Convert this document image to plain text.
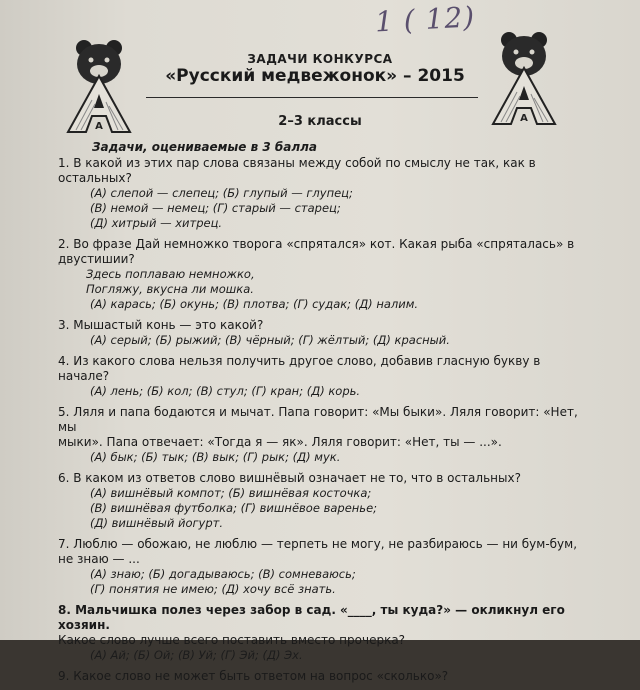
1 ( 12)
А
А
ЗАДАЧИ КОНКУРСА
«Русский медвежонок» – 2015
2–3 классы
Задачи, оцениваемые в 3 балла

1. В какой из этих пар слова связаны между собой по смыслу не так, как в остальных?

(А) слепой — слепец; (Б) глупый — глупец;
(В) немой — немец; (Г) старый — старец;
(Д) хитрый — хитрец.

2. Во фразе Дай немножко творога «спрятался» кот. Какая рыба «спряталась» в

двустишии?

Здесь поплаваю немножко,
Погляжу, вкусна ли мошка.
(А) карась; (Б) окунь; (В) плотва; (Г) судак; (Д) налим.

3. Мышастый конь — это какой?

(А) серый; (Б) рыжий; (В) чёрный; (Г) жёлтый; (Д) красный.

4. Из какого слова нельзя получить другое слово, добавив гласную букву в начале?

(А) лень; (Б) кол; (В) стул; (Г) кран; (Д) корь.

5. Ляля и папа бодаются и мычат. Папа говорит: «Мы быки». Ляля говорит: «Нет, мы

мыки». Папа отвечает: «Тогда я — як». Ляля говорит: «Нет, ты — ...».

(А) бык; (Б) тык; (В) вык; (Г) рык; (Д) мук.

6. В каком из ответов слово вишнёвый означает не то, что в остальных?

(А) вишнёвый компот; (Б) вишнёвая косточка;
(В) вишнёвая футболка; (Г) вишнёвое варенье;
(Д) вишнёвый йогурт.

7. Люблю — обожаю, не люблю — терпеть не могу, не разбираюсь — ни бум-бум,

не знаю — ...

(А) знаю; (Б) догадываюсь; (В) сомневаюсь;
(Г) понятия не имею; (Д) хочу всё знать.

8. Мальчишка полез через забор в сад. «____, ты куда?» — окликнул его хозяин.

Какое слово лучше всего поставить вместо прочерка?

(А) Ай; (Б) Ой; (В) Уй; (Г) Эй; (Д) Эх.

9. Какое слово не может быть ответом на вопрос «сколько»?
